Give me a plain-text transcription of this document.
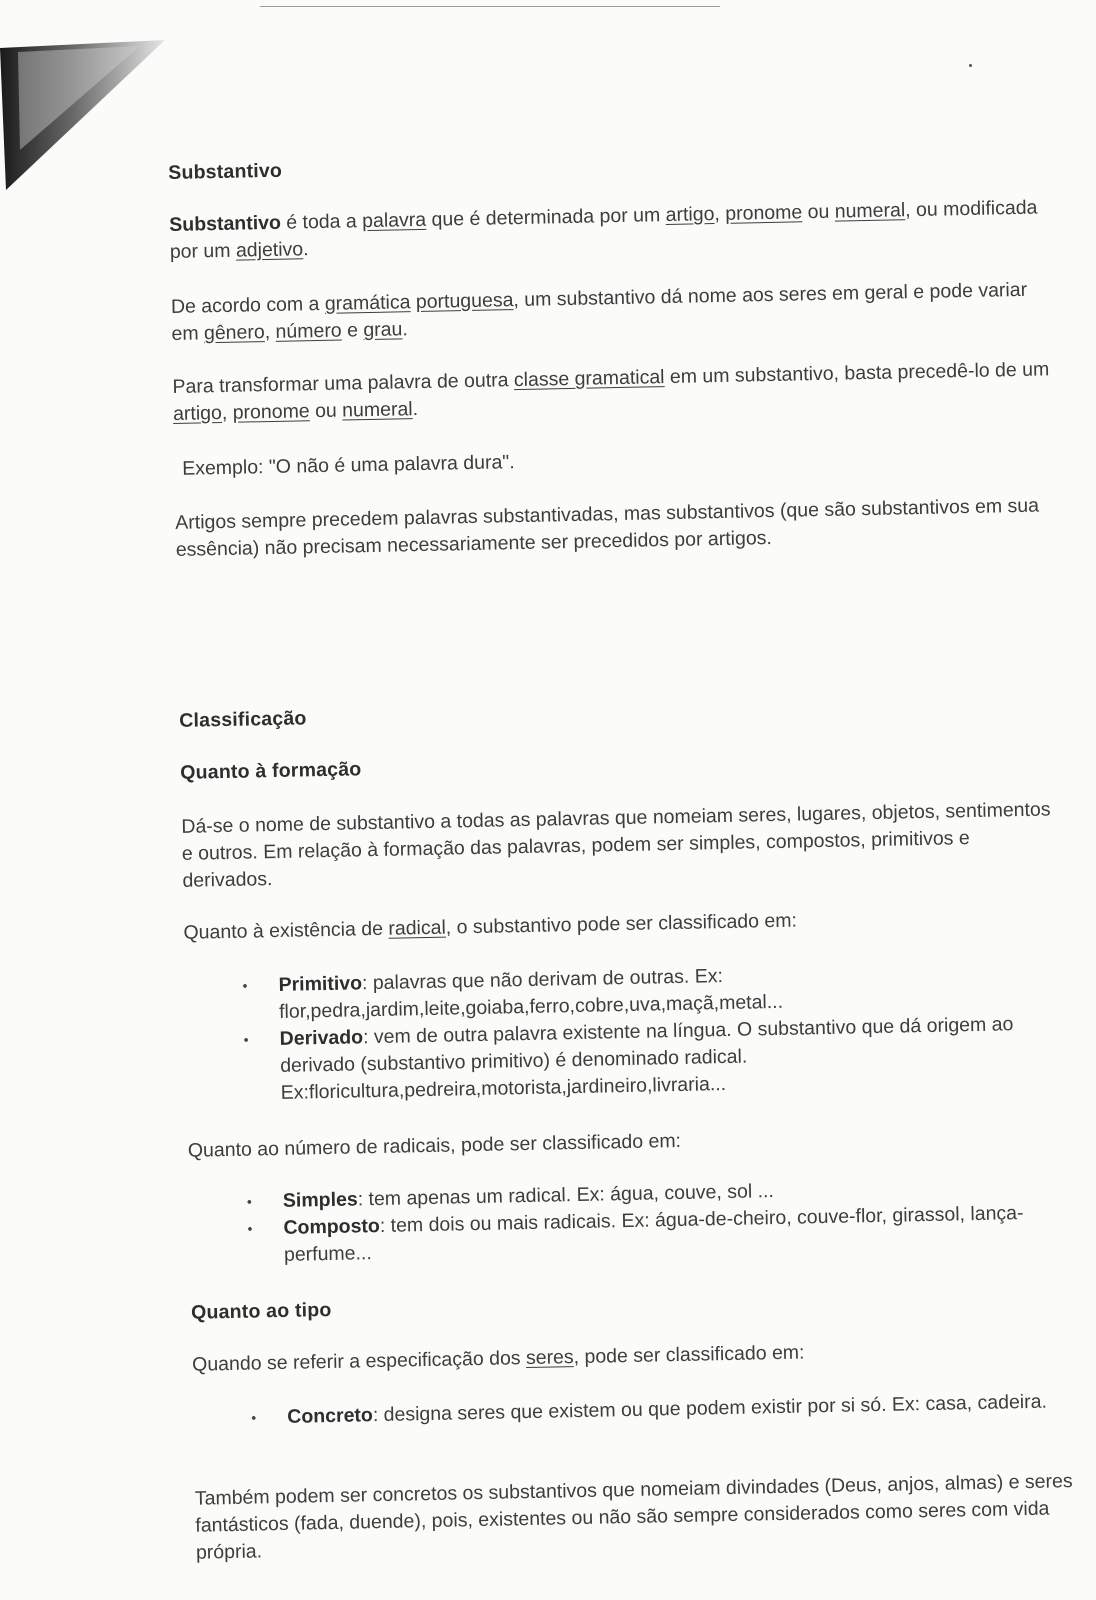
Substantivo

Substantivo é toda a palavra que é determinada por um artigo, pronome ou numeral, ou modificada por um adjetivo.

De acordo com a gramática portuguesa, um substantivo dá nome aos seres em geral e pode variar em gênero, número e grau.

Para transformar uma palavra de outra classe gramatical em um substantivo, basta precedê-lo de um artigo, pronome ou numeral.

Exemplo: "O não é uma palavra dura".

Artigos sempre precedem palavras substantivadas, mas substantivos (que são substantivos em sua essência) não precisam necessariamente ser precedidos por artigos.

Classificação
Quanto à formação

Dá-se o nome de substantivo a todas as palavras que nomeiam seres, lugares, objetos, sentimentos e outros. Em relação à formação das palavras, podem ser simples, compostos, primitivos e derivados.

Quanto à existência de radical, o substantivo pode ser classificado em:

• Primitivo: palavras que não derivam de outras. Ex: flor,pedra,jardim,leite,goiaba,ferro,cobre,uva,maçã,metal...
• Derivado: vem de outra palavra existente na língua. O substantivo que dá origem ao derivado (substantivo primitivo) é denominado radical. Ex:floricultura,pedreira,motorista,jardineiro,livraria...

Quanto ao número de radicais, pode ser classificado em:

• Simples: tem apenas um radical. Ex: água, couve, sol ...
• Composto: tem dois ou mais radicais. Ex: água-de-cheiro, couve-flor, girassol, lança-perfume...
Quanto ao tipo

Quando se referir a especificação dos seres, pode ser classificado em:

• Concreto: designa seres que existem ou que podem existir por si só. Ex: casa, cadeira.

Também podem ser concretos os substantivos que nomeiam divindades (Deus, anjos, almas) e seres fantásticos (fada, duende), pois, existentes ou não são sempre considerados como seres com vida própria.
